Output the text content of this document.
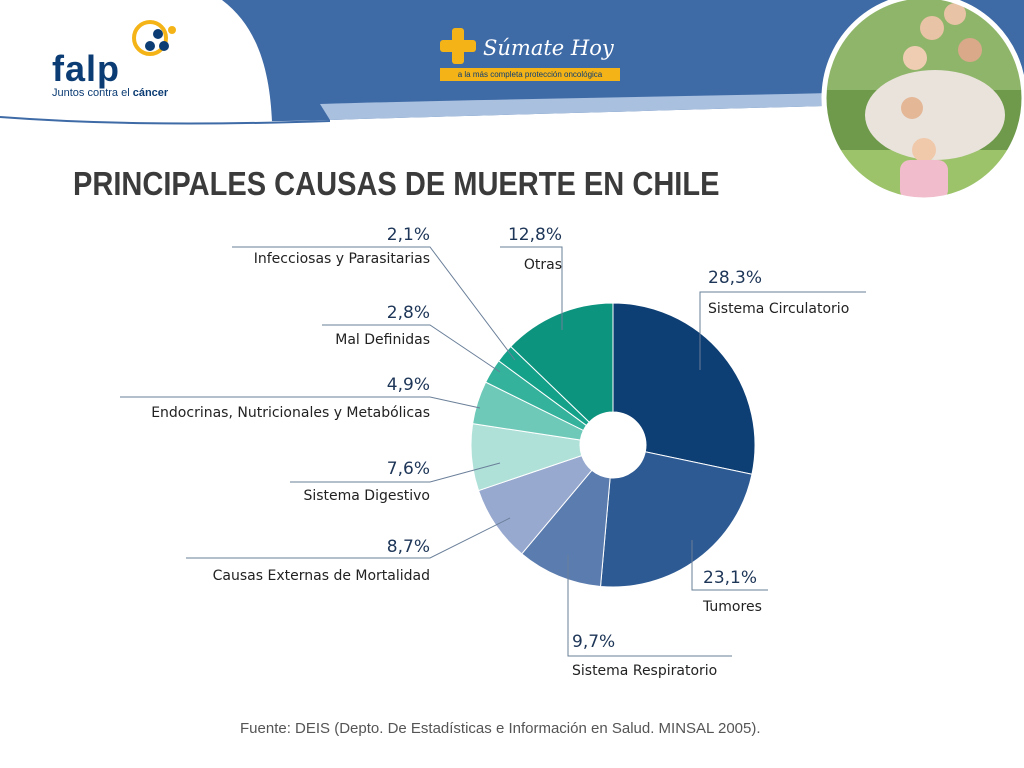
falp
Juntos contra el cáncer
Súmate Hoy
a la más completa protección oncológica
PRINCIPALES CAUSAS DE MUERTE EN CHILE
28,3%
Sistema Circulatorio
23,1%
Tumores
9,7%
Sistema Respiratorio
8,7%
Causas Externas de Mortalidad
7,6%
Sistema Digestivo
4,9%
Endocrinas, Nutricionales y Metabólicas
2,8%
Mal Definidas
2,1%
Infecciosas y Parasitarias
12,8%
Otras
Fuente: DEIS (Depto. De Estadísticas e Información en Salud. MINSAL 2005).
